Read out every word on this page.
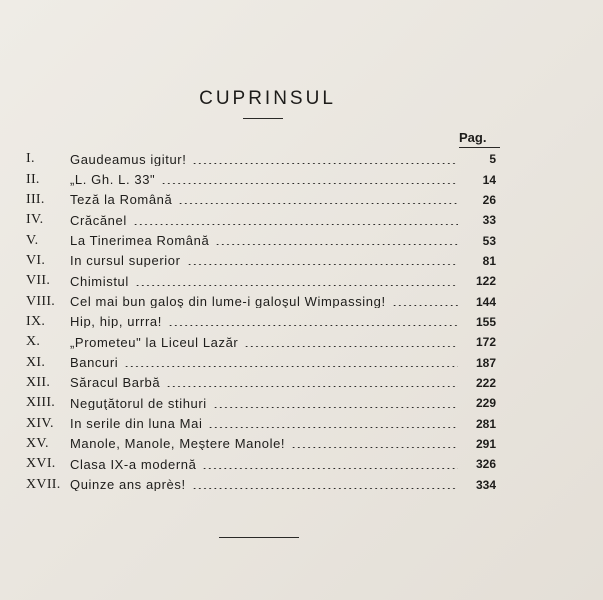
CUPRINSUL
Pag.
I.	Gaudeamus igitur!	5
II.	„L. Gh. L. 33"	14
III.	Teză la Română	26
IV.	Crăcănel	33
V.	La Tinerimea Română	53
VI.	In cursul superior	81
VII.	Chimistul	122
VIII.	Cel mai bun galoş din lume-i galoşul Wimpassing!	144
IX.	Hip, hip, urrra!	155
X.	„Prometeu" la Liceul Lazăr	172
XI.	Bancuri	187
XII.	Săracul Barbă	222
XIII.	Neguţătorul de stihuri	229
XIV.	In serile din luna Mai	281
XV.	Manole, Manole, Meştere Manole!	291
XVI.	Clasa IX-a modernă	326
XVII. Quinze ans après!	334
